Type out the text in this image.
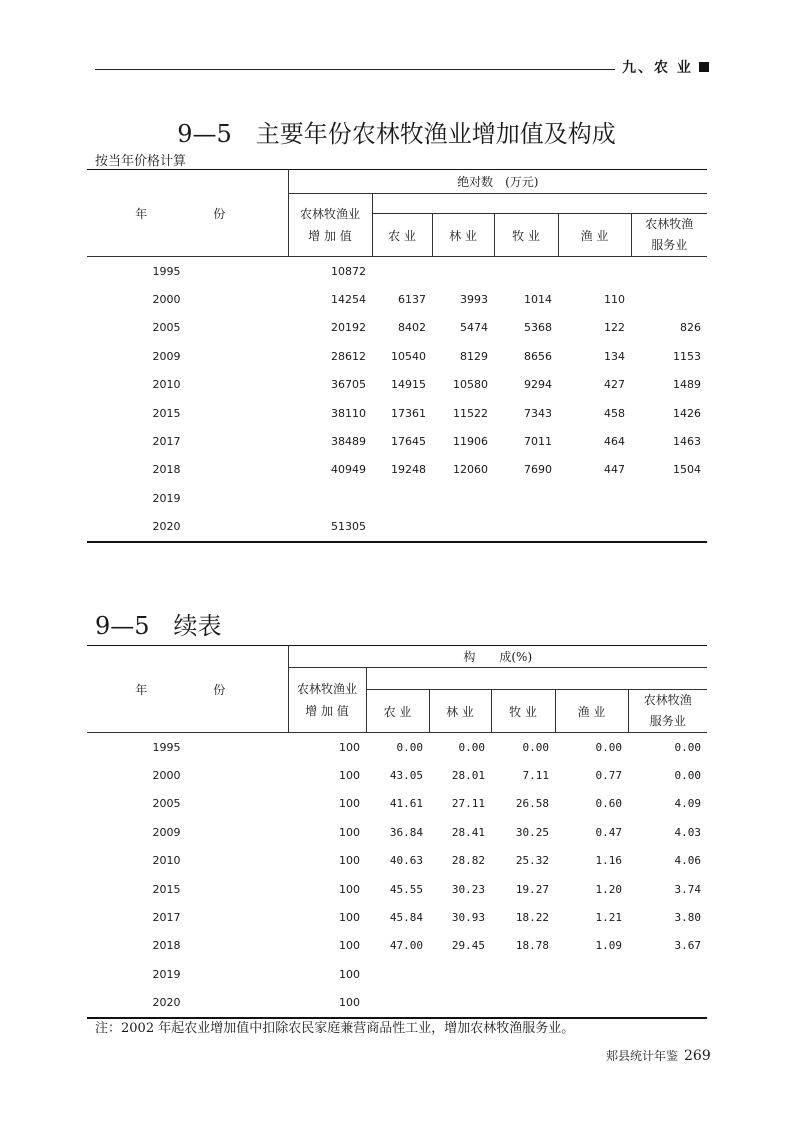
九、农 业
9—5　主要年份农林牧渔业增加值及构成
按当年价格计算
年　　份	绝对数　(万元)					

	农林牧渔业
增 加 值					

		农 业	林 业	牧 业	渔 业	农林牧渔
服务业

1995	10872					
2000	14254	6137	3993	1014	110	
2005	20192	8402	5474	5368	122	826
2009	28612	10540	8129	8656	134	1153
2010	36705	14915	10580	9294	427	1489
2015	38110	17361	11522	7343	458	1426
2017	38489	17645	11906	7011	464	1463
2018	40949	19248	12060	7690	447	1504
2019						
2020	51305					
9—5　续表
年　　份	构　　成(%)					

	农林牧渔业
增 加 值					

		农 业	林 业	牧 业	渔 业	农林牧渔
服务业

1995	100	0.00	0.00	0.00	0.00	0.00
2000	100	43.05	28.01	7.11	0.77	0.00
2005	100	41.61	27.11	26.58	0.60	4.09
2009	100	36.84	28.41	30.25	0.47	4.03
2010	100	40.63	28.82	25.32	1.16	4.06
2015	100	45.55	30.23	19.27	1.20	3.74
2017	100	45.84	30.93	18.22	1.21	3.80
2018	100	47.00	29.45	18.78	1.09	3.67
2019	100					
2020	100					
注：2002 年起农业增加值中扣除农民家庭兼营商品性工业，增加农林牧渔服务业。
郏县统计年鉴 269
